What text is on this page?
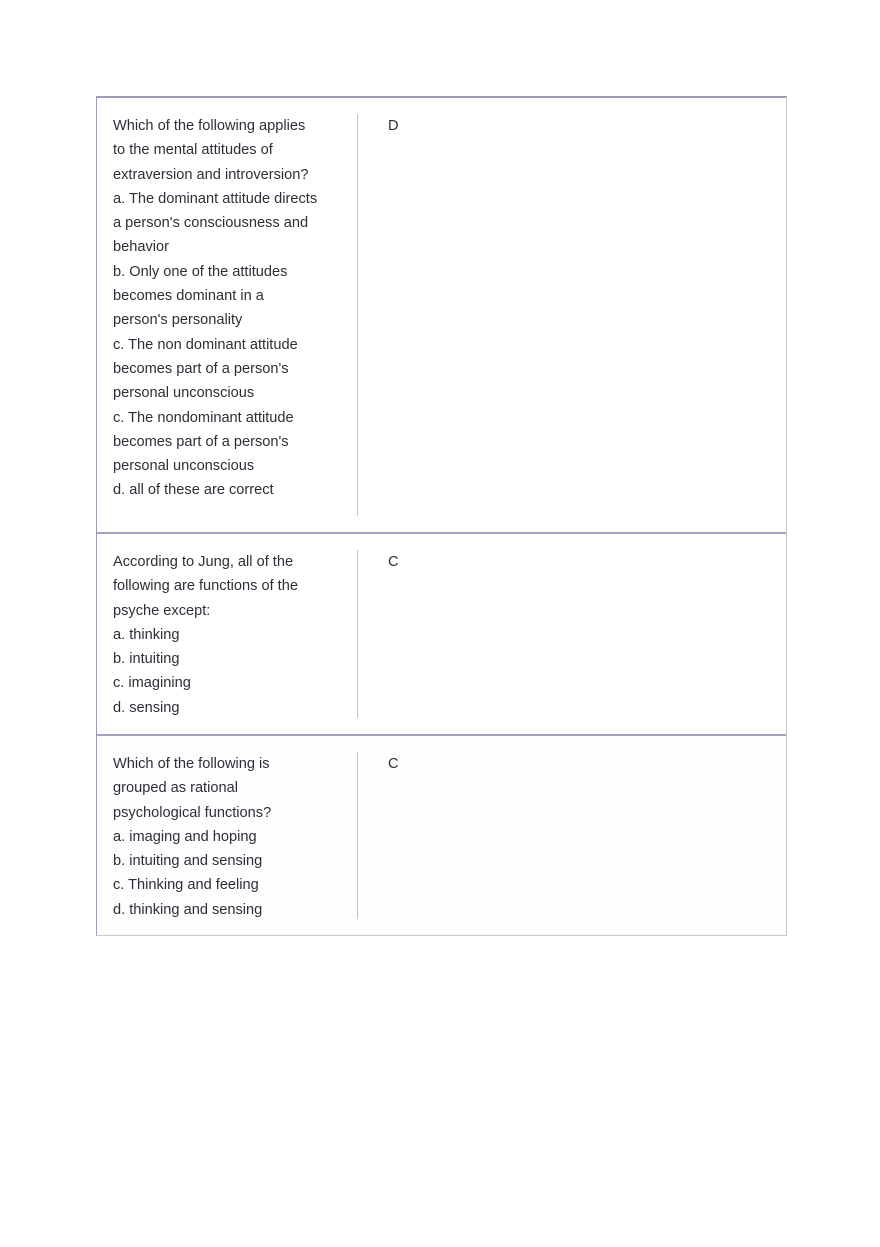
Which of the following applies
to the mental attitudes of
extraversion and introversion?
a. The dominant attitude directs
a person's consciousness and
behavior
b. Only one of the attitudes
becomes dominant in a
person's personality
c. The non dominant attitude
becomes part of a person's
personal unconscious
c. The nondominant attitude
becomes part of a person's
personal unconscious
d. all of these are correct
D
According to Jung, all of the
following are functions of the
psyche except:
a. thinking
b. intuiting
c. imagining
d. sensing
C
Which of the following is
grouped as rational
psychological functions?
a. imaging and hoping
b. intuiting and sensing
c. Thinking and feeling
d. thinking and sensing
C
